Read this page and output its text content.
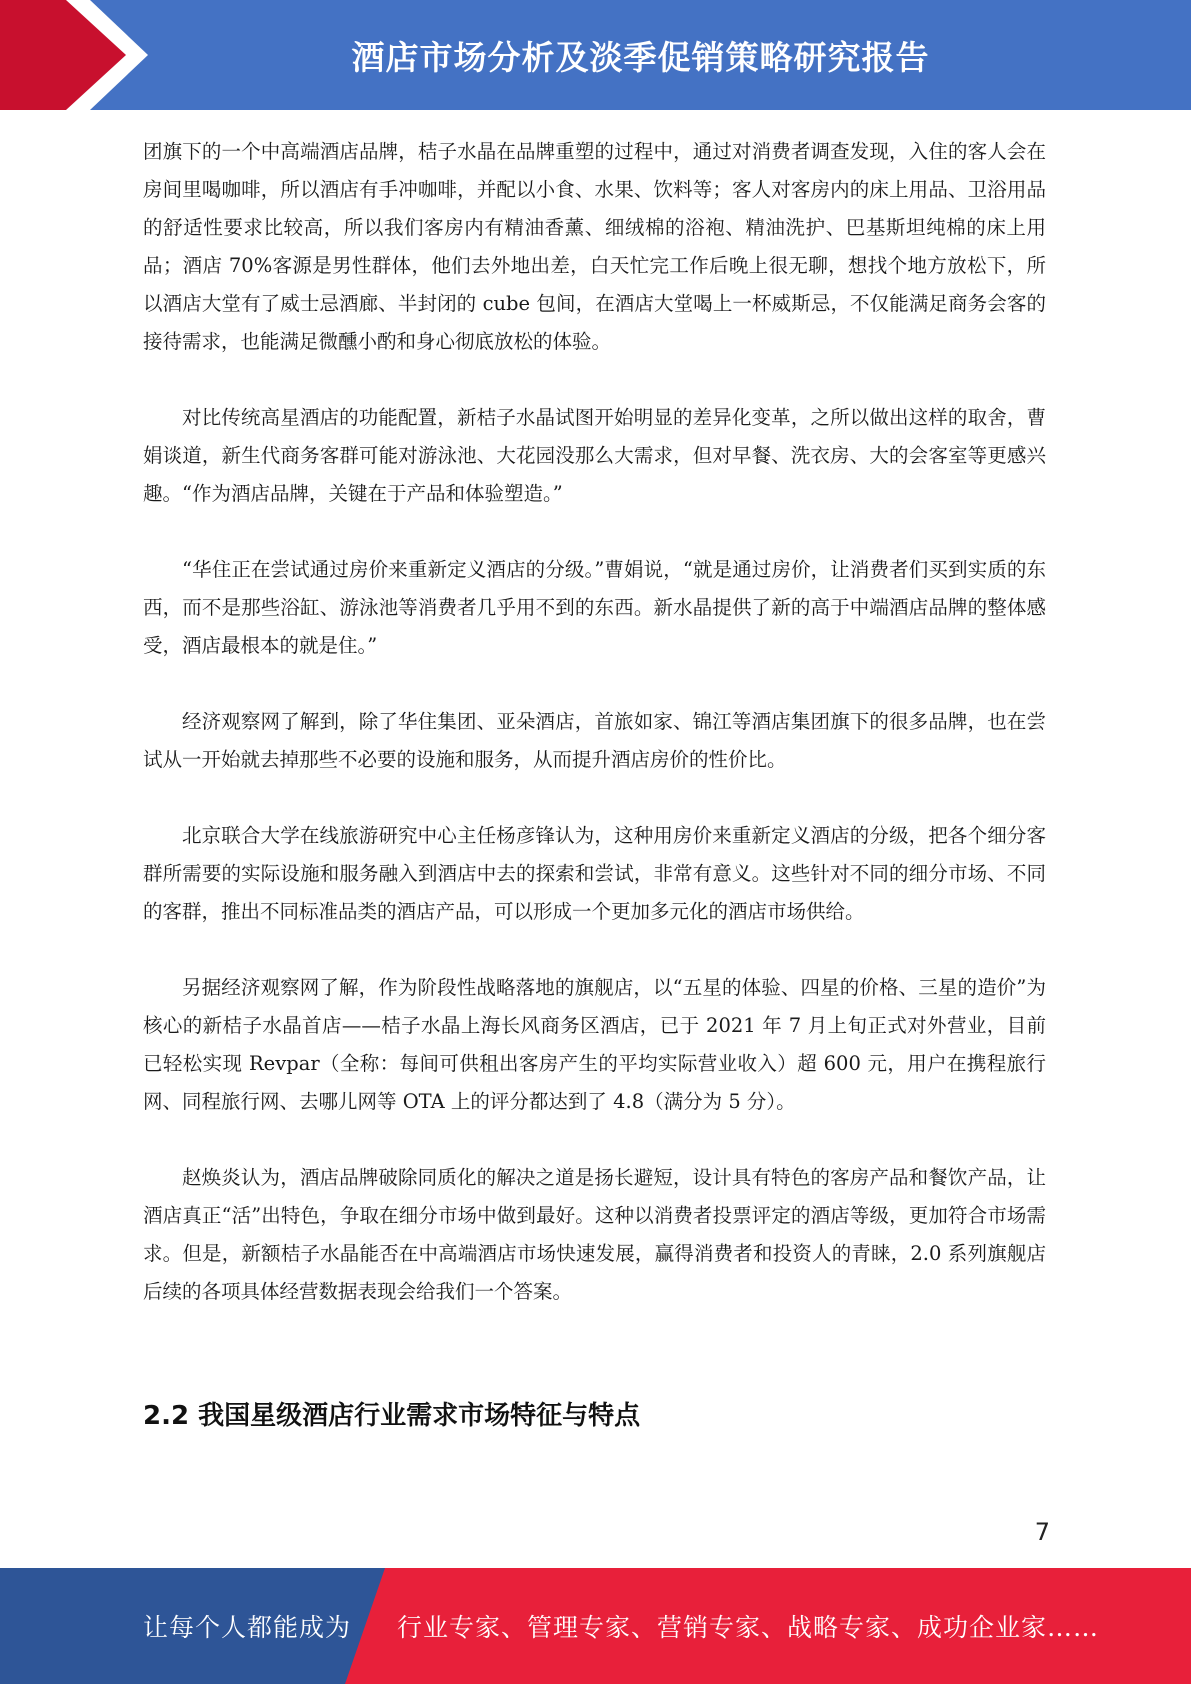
酒店市场分析及淡季促销策略研究报告

团旗下的一个中高端酒店品牌，桔子水晶在品牌重塑的过程中，通过对消费者调查发现，入住的客人会在房间里喝咖啡，所以酒店有手冲咖啡，并配以小食、水果、饮料等；客人对客房内的床上用品、卫浴用品的舒适性要求比较高，所以我们客房内有精油香薰、细绒棉的浴袍、精油洗护、巴基斯坦纯棉的床上用品；酒店 70%客源是男性群体，他们去外地出差，白天忙完工作后晚上很无聊，想找个地方放松下，所以酒店大堂有了威士忌酒廊、半封闭的 cube 包间，在酒店大堂喝上一杯威斯忌，不仅能满足商务会客的接待需求，也能满足微醺小酌和身心彻底放松的体验。

对比传统高星酒店的功能配置，新桔子水晶试图开始明显的差异化变革，之所以做出这样的取舍，曹娟谈道，新生代商务客群可能对游泳池、大花园没那么大需求，但对早餐、洗衣房、大的会客室等更感兴趣。“作为酒店品牌，关键在于产品和体验塑造。”

“华住正在尝试通过房价来重新定义酒店的分级。”曹娟说，“就是通过房价，让消费者们买到实质的东西，而不是那些浴缸、游泳池等消费者几乎用不到的东西。新水晶提供了新的高于中端酒店品牌的整体感受，酒店最根本的就是住。”

经济观察网了解到，除了华住集团、亚朵酒店，首旅如家、锦江等酒店集团旗下的很多品牌，也在尝试从一开始就去掉那些不必要的设施和服务，从而提升酒店房价的性价比。

北京联合大学在线旅游研究中心主任杨彦锋认为，这种用房价来重新定义酒店的分级，把各个细分客群所需要的实际设施和服务融入到酒店中去的探索和尝试，非常有意义。这些针对不同的细分市场、不同的客群，推出不同标准品类的酒店产品，可以形成一个更加多元化的酒店市场供给。

另据经济观察网了解，作为阶段性战略落地的旗舰店，以“五星的体验、四星的价格、三星的造价”为核心的新桔子水晶首店——桔子水晶上海长风商务区酒店，已于 2021 年 7 月上旬正式对外营业，目前已轻松实现 Revpar（全称：每间可供租出客房产生的平均实际营业收入）超 600 元，用户在携程旅行网、同程旅行网、去哪儿网等 OTA 上的评分都达到了 4.8（满分为 5 分）。

赵焕炎认为，酒店品牌破除同质化的解决之道是扬长避短，设计具有特色的客房产品和餐饮产品，让酒店真正“活”出特色，争取在细分市场中做到最好。这种以消费者投票评定的酒店等级，更加符合市场需求。但是，新额桔子水晶能否在中高端酒店市场快速发展，赢得消费者和投资人的青睐，2.0 系列旗舰店后续的各项具体经营数据表现会给我们一个答案。

2.2 我国星级酒店行业需求市场特征与特点
7
让每个人都能成为 行业专家、管理专家、营销专家、战略专家、成功企业家……
